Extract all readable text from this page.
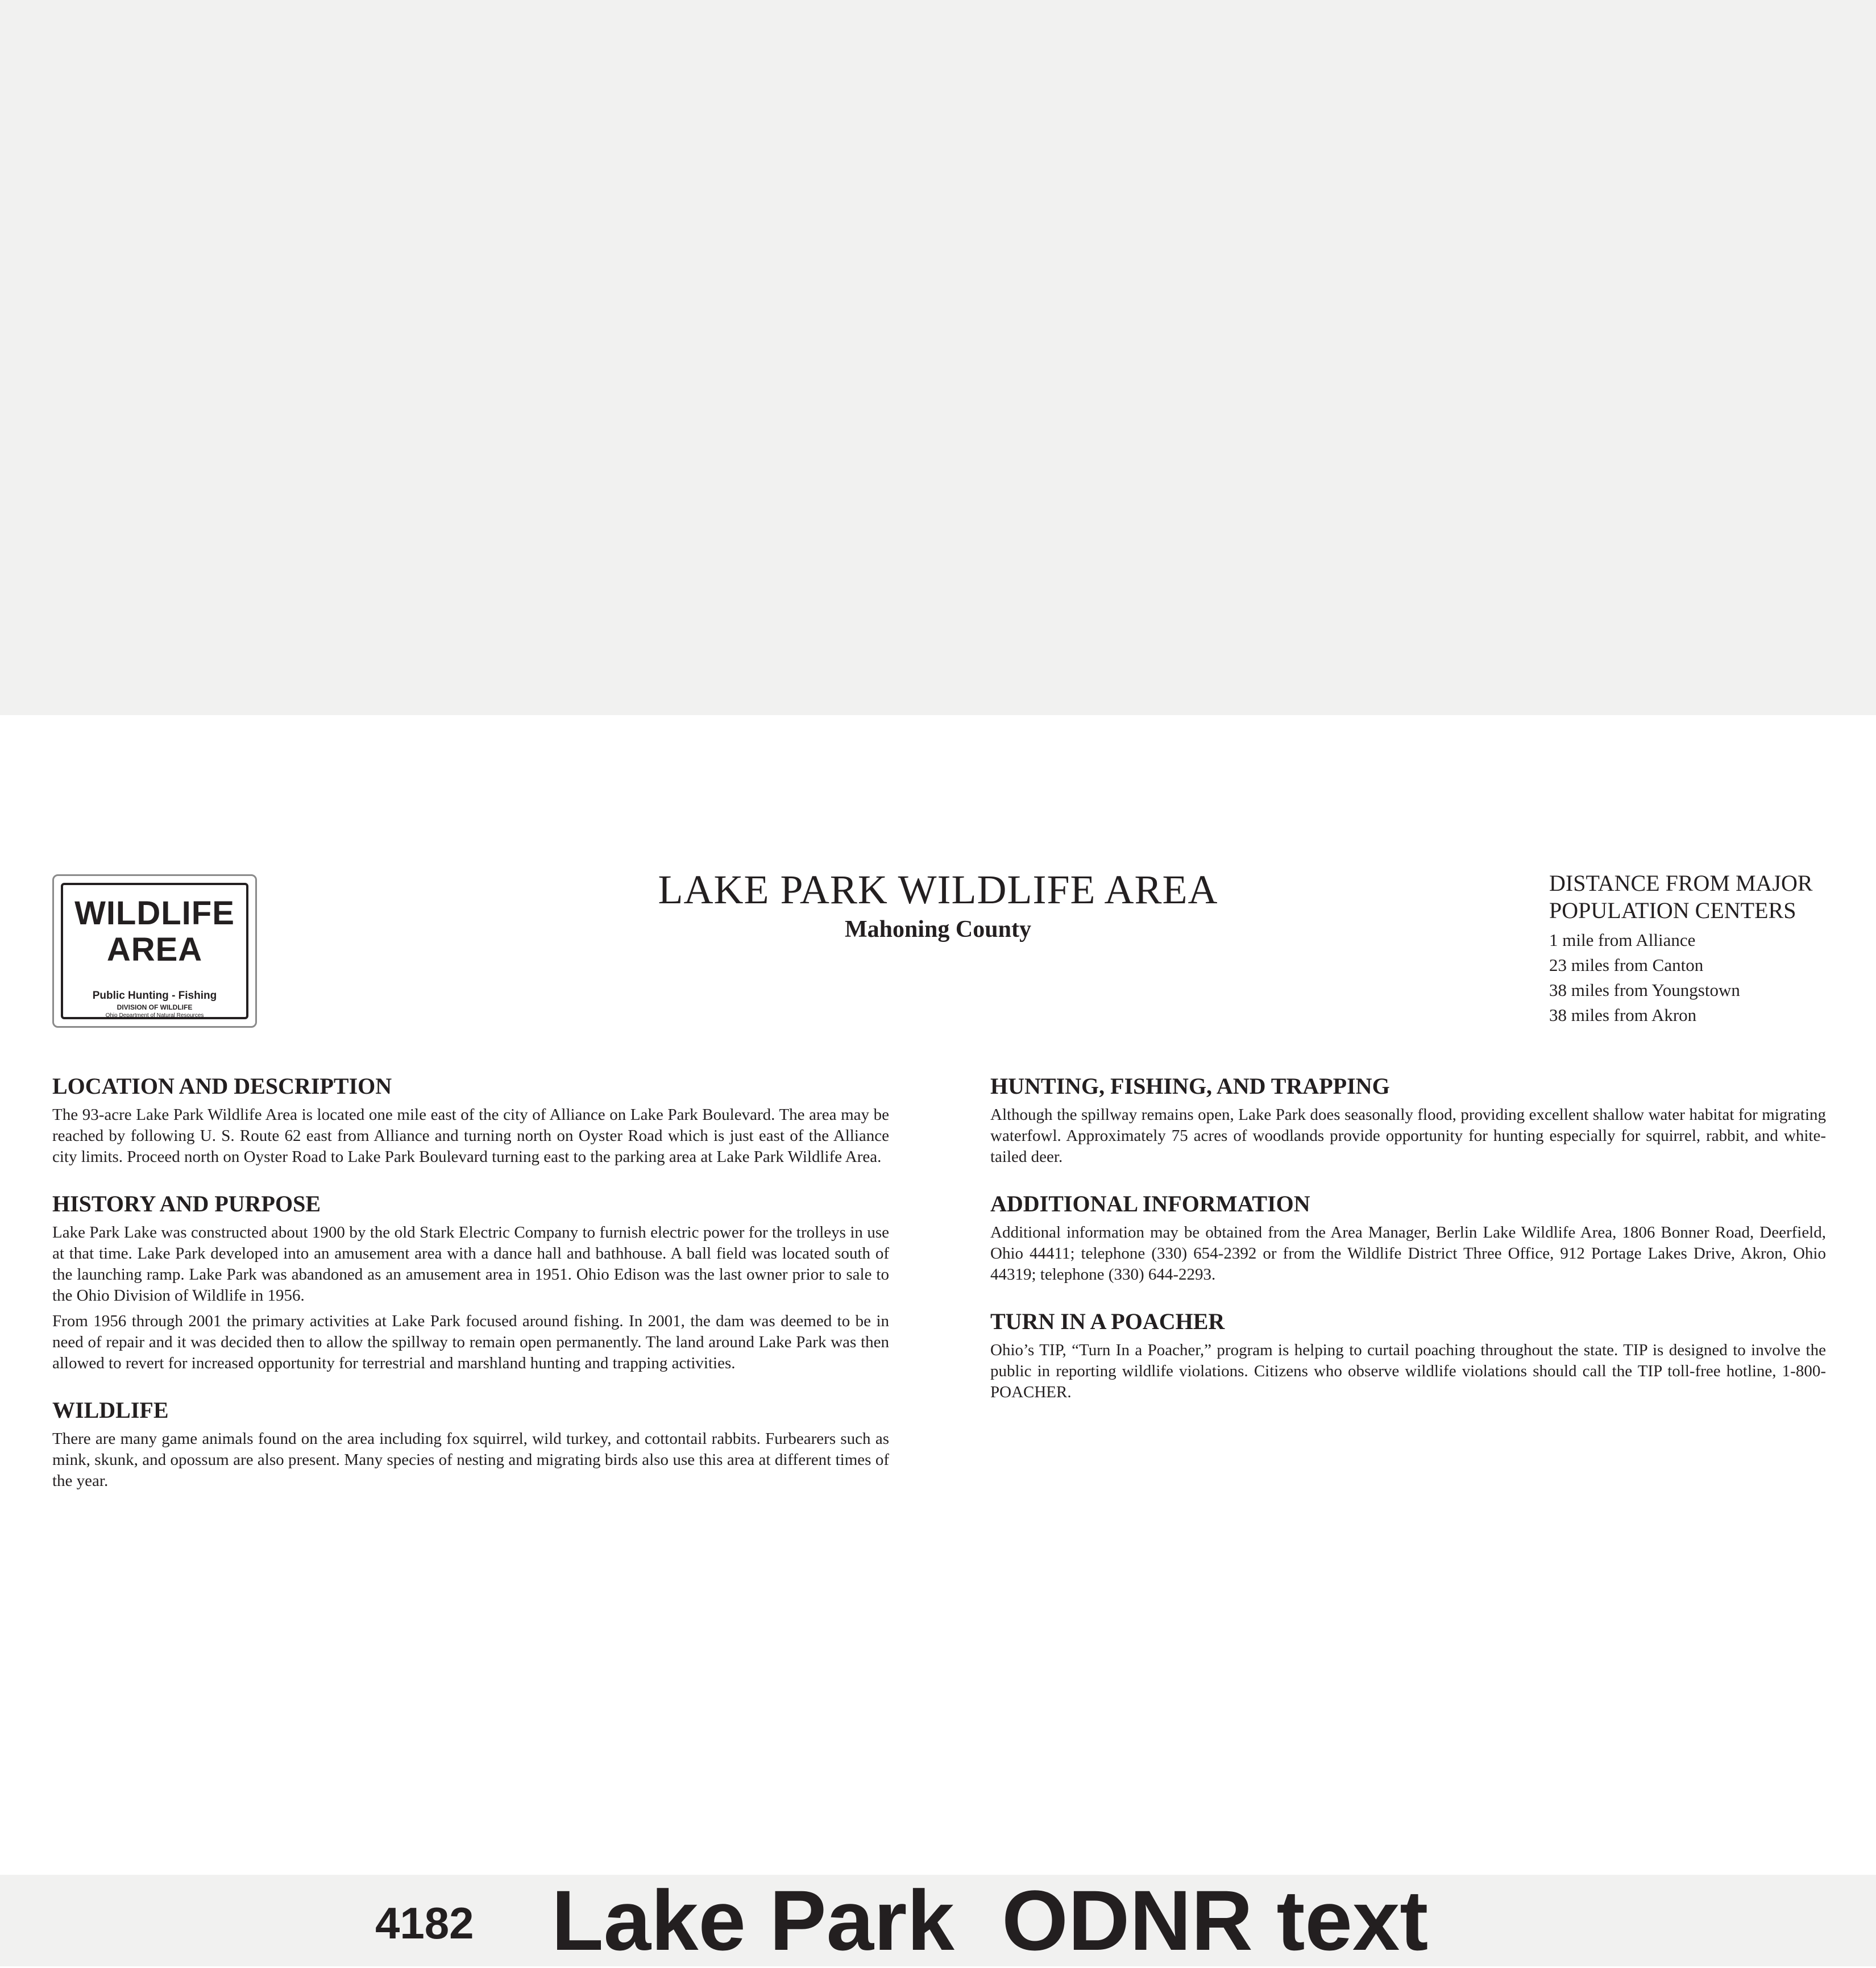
WILDLIFE
AREA
Public Hunting - Fishing
DIVISION OF WILDLIFE
Ohio Department of Natural Resources
LAKE PARK WILDLIFE AREA
Mahoning County
DISTANCE FROM MAJOR
POPULATION CENTERS
1 mile from Alliance
23 miles from Canton
38 miles from Youngstown
38 miles from Akron
LOCATION AND DESCRIPTION

The 93-acre Lake Park Wildlife Area is located one mile east of the city of Alliance on Lake Park Boulevard. The area may be reached by following U. S. Route 62 east from Alliance and turning north on Oyster Road which is just east of the Alliance city limits. Proceed north on Oyster Road to Lake Park Boulevard turning east to the parking area at Lake Park Wildlife Area.

HISTORY AND PURPOSE

Lake Park Lake was constructed about 1900 by the old Stark Electric Company to furnish electric power for the trolleys in use at that time. Lake Park developed into an amusement area with a dance hall and bathhouse. A ball field was located south of the launching ramp. Lake Park was abandoned as an amusement area in 1951. Ohio Edison was the last owner prior to sale to the Ohio Division of Wildlife in 1956.

From 1956 through 2001 the primary activities at Lake Park focused around fishing. In 2001, the dam was deemed to be in need of repair and it was decided then to allow the spillway to remain open permanently. The land around Lake Park was then allowed to revert for increased opportunity for terrestrial and marshland hunting and trapping activities.

WILDLIFE

There are many game animals found on the area including fox squirrel, wild turkey, and cottontail rabbits. Furbearers such as mink, skunk, and opossum are also present. Many species of nesting and migrating birds also use this area at different times of the year.

HUNTING, FISHING, AND TRAPPING

Although the spillway remains open, Lake Park does seasonally flood, providing excellent shallow water habitat for migrating waterfowl. Approximately 75 acres of woodlands provide opportunity for hunting especially for squirrel, rabbit, and white-tailed deer.

ADDITIONAL INFORMATION

Additional information may be obtained from the Area Manager, Berlin Lake Wildlife Area, 1806 Bonner Road, Deerfield, Ohio 44411; telephone (330) 654-2392 or from the Wildlife District Three Office, 912 Portage Lakes Drive, Akron, Ohio 44319; telephone (330) 644-2293.

TURN IN A POACHER

Ohio’s TIP, “Turn In a Poacher,” program is helping to curtail poaching throughout the state. TIP is designed to involve the public in reporting wildlife violations. Citizens who observe wildlife violations should call the TIP toll-free hotline, 1-800-POACHER.

4182 Lake Park  ODNR text
